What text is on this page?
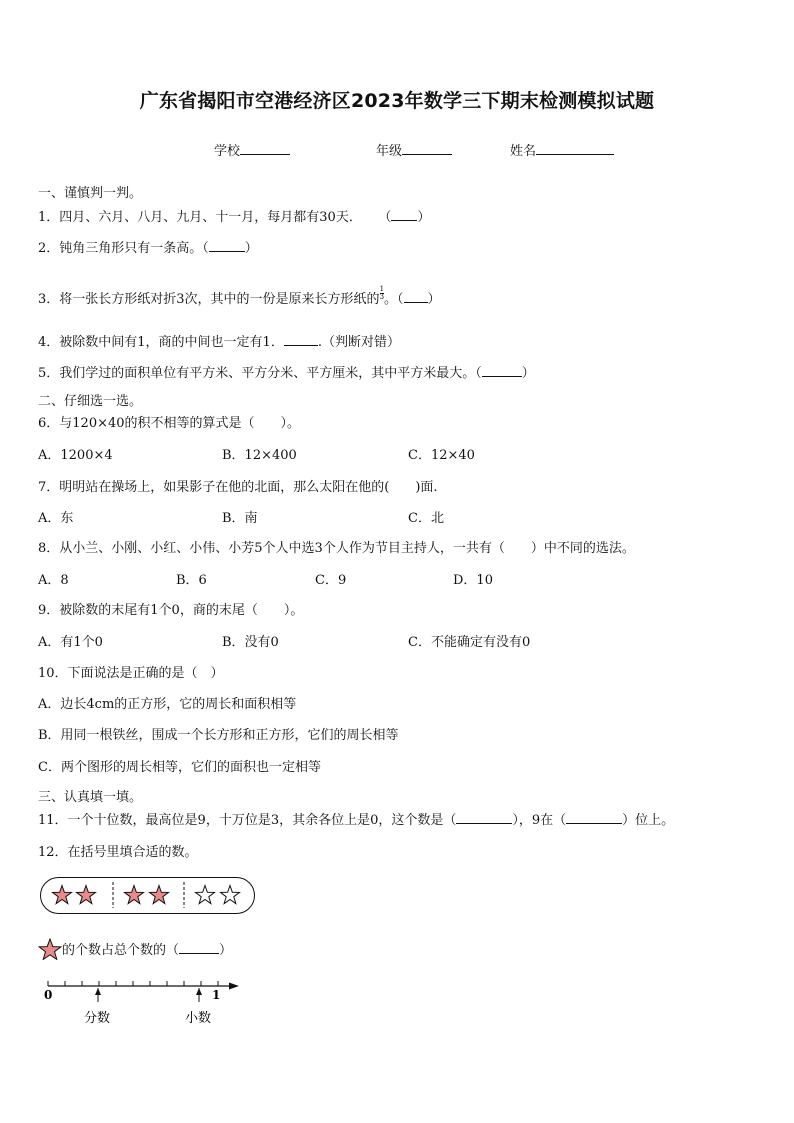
广东省揭阳市空港经济区2023年数学三下期末检测模拟试题
学校	年级	姓名
一、谨慎判一判。
1．四月、六月、八月、九月、十一月，每月都有30天． （ ）
2．钝角三角形只有一条高。（	）
3．将一张长方形纸对折3次，其中的一份是原来长方形纸的 $\frac{1}{3}$ 。（ ）
4．被除数中间有1，商的中间也一定有1．	.（判断对错）
5．我们学过的面积单位有平方米、平方分米、平方厘米，其中平方米最大。（	）
二、仔细选一选。
6．与120×40的积不相等的算式是（　　）。
A．1200×4	B．12×400	C．12×40
7．明明站在操场上，如果影子在他的北面，那么太阳在他的(　　)面.
A．东	B．南	C．北
8．从小兰、小刚、小红、小伟、小芳5个人中选3个人作为节目主持人，一共有（　　）中不同的选法。
A．8	B．6	C．9	D．10
9．被除数的末尾有1个0，商的末尾（　　）。
A．有1个0	B．没有0	C．不能确定有没有0
10．下面说法是正确的是（　）
A．边长4cm的正方形，它的周长和面积相等
B．用同一根铁丝，围成一个长方形和正方形，它们的周长相等
C．两个图形的周长相等，它们的面积也一定相等
三、认真填一填。
11．一个十位数，最高位是9，十万位是3，其余各位上是0，这个数是（	），9在（	）位上。
12．在括号里填合适的数。
的个数占总个数的（	）
0	1
分数	小数
